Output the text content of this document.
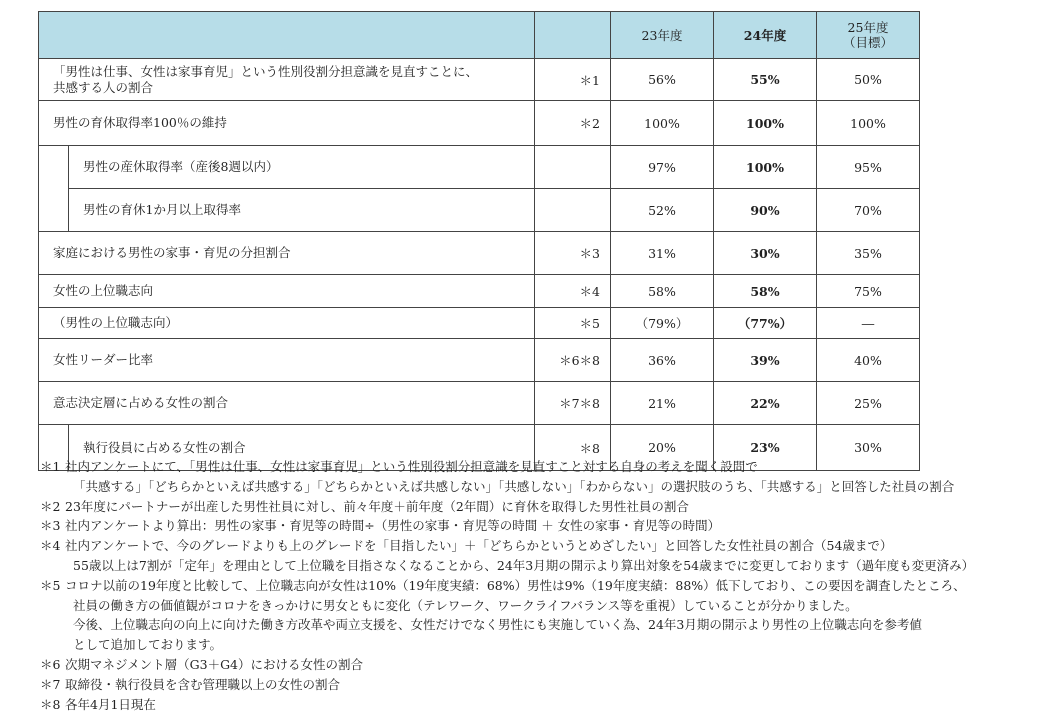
			23年度	24年度	25年度
（目標）

「男性は仕事、女性は家事育児」という性別役割分担意識を見直すことに、
共感する人の割合		＊1	56%	55%	50%
男性の育休取得率100％の維持		＊2	100%	100%	100%
	男性の産休取得率（産後8週以内）		97%	100%	95%
	男性の育休1か月以上取得率		52%	90%	70%
家庭における男性の家事・育児の分担割合		＊3	31%	30%	35%
女性の上位職志向		＊4	58%	58%	75%
（男性の上位職志向）		＊5	（79%）	（77%）	―
女性リーダー比率		＊6＊8	36%	39%	40%
意志決定層に占める女性の割合		＊7＊8	21%	22%	25%
	執行役員に占める女性の割合	＊8	20%	23%	30%
＊1 社内アンケートにて、「男性は仕事、女性は家事育児」という性別役割分担意識を見直すこと対する自身の考えを聞く設問で
「共感する」「どちらかといえば共感する」「どちらかといえば共感しない」「共感しない」「わからない」の選択肢のうち、「共感する」と回答した社員の割合
＊2 23年度にパートナーが出産した男性社員に対し、前々年度＋前年度（2年間）に育休を取得した男性社員の割合
＊3 社内アンケートより算出：男性の家事・育児等の時間÷（男性の家事・育児等の時間 ＋ 女性の家事・育児等の時間）
＊4 社内アンケートで、今のグレードよりも上のグレードを「目指したい」＋「どちらかというとめざしたい」と回答した女性社員の割合（54歳まで）
55歳以上は7割が「定年」を理由として上位職を目指さなくなることから、24年3月期の開示より算出対象を54歳までに変更しております（過年度も変更済み）
＊5 コロナ以前の19年度と比較して、上位職志向が女性は10%（19年度実績：68%）男性は9%（19年度実績：88%）低下しており、この要因を調査したところ、
社員の働き方の価値観がコロナをきっかけに男女ともに変化（テレワーク、ワークライフバランス等を重視）していることが分かりました。
今後、上位職志向の向上に向けた働き方改革や両立支援を、女性だけでなく男性にも実施していく為、24年3月期の開示より男性の上位職志向を参考値
として追加しております。
＊6 次期マネジメント層（G3＋G4）における女性の割合
＊7 取締役・執行役員を含む管理職以上の女性の割合
＊8 各年4月1日現在
